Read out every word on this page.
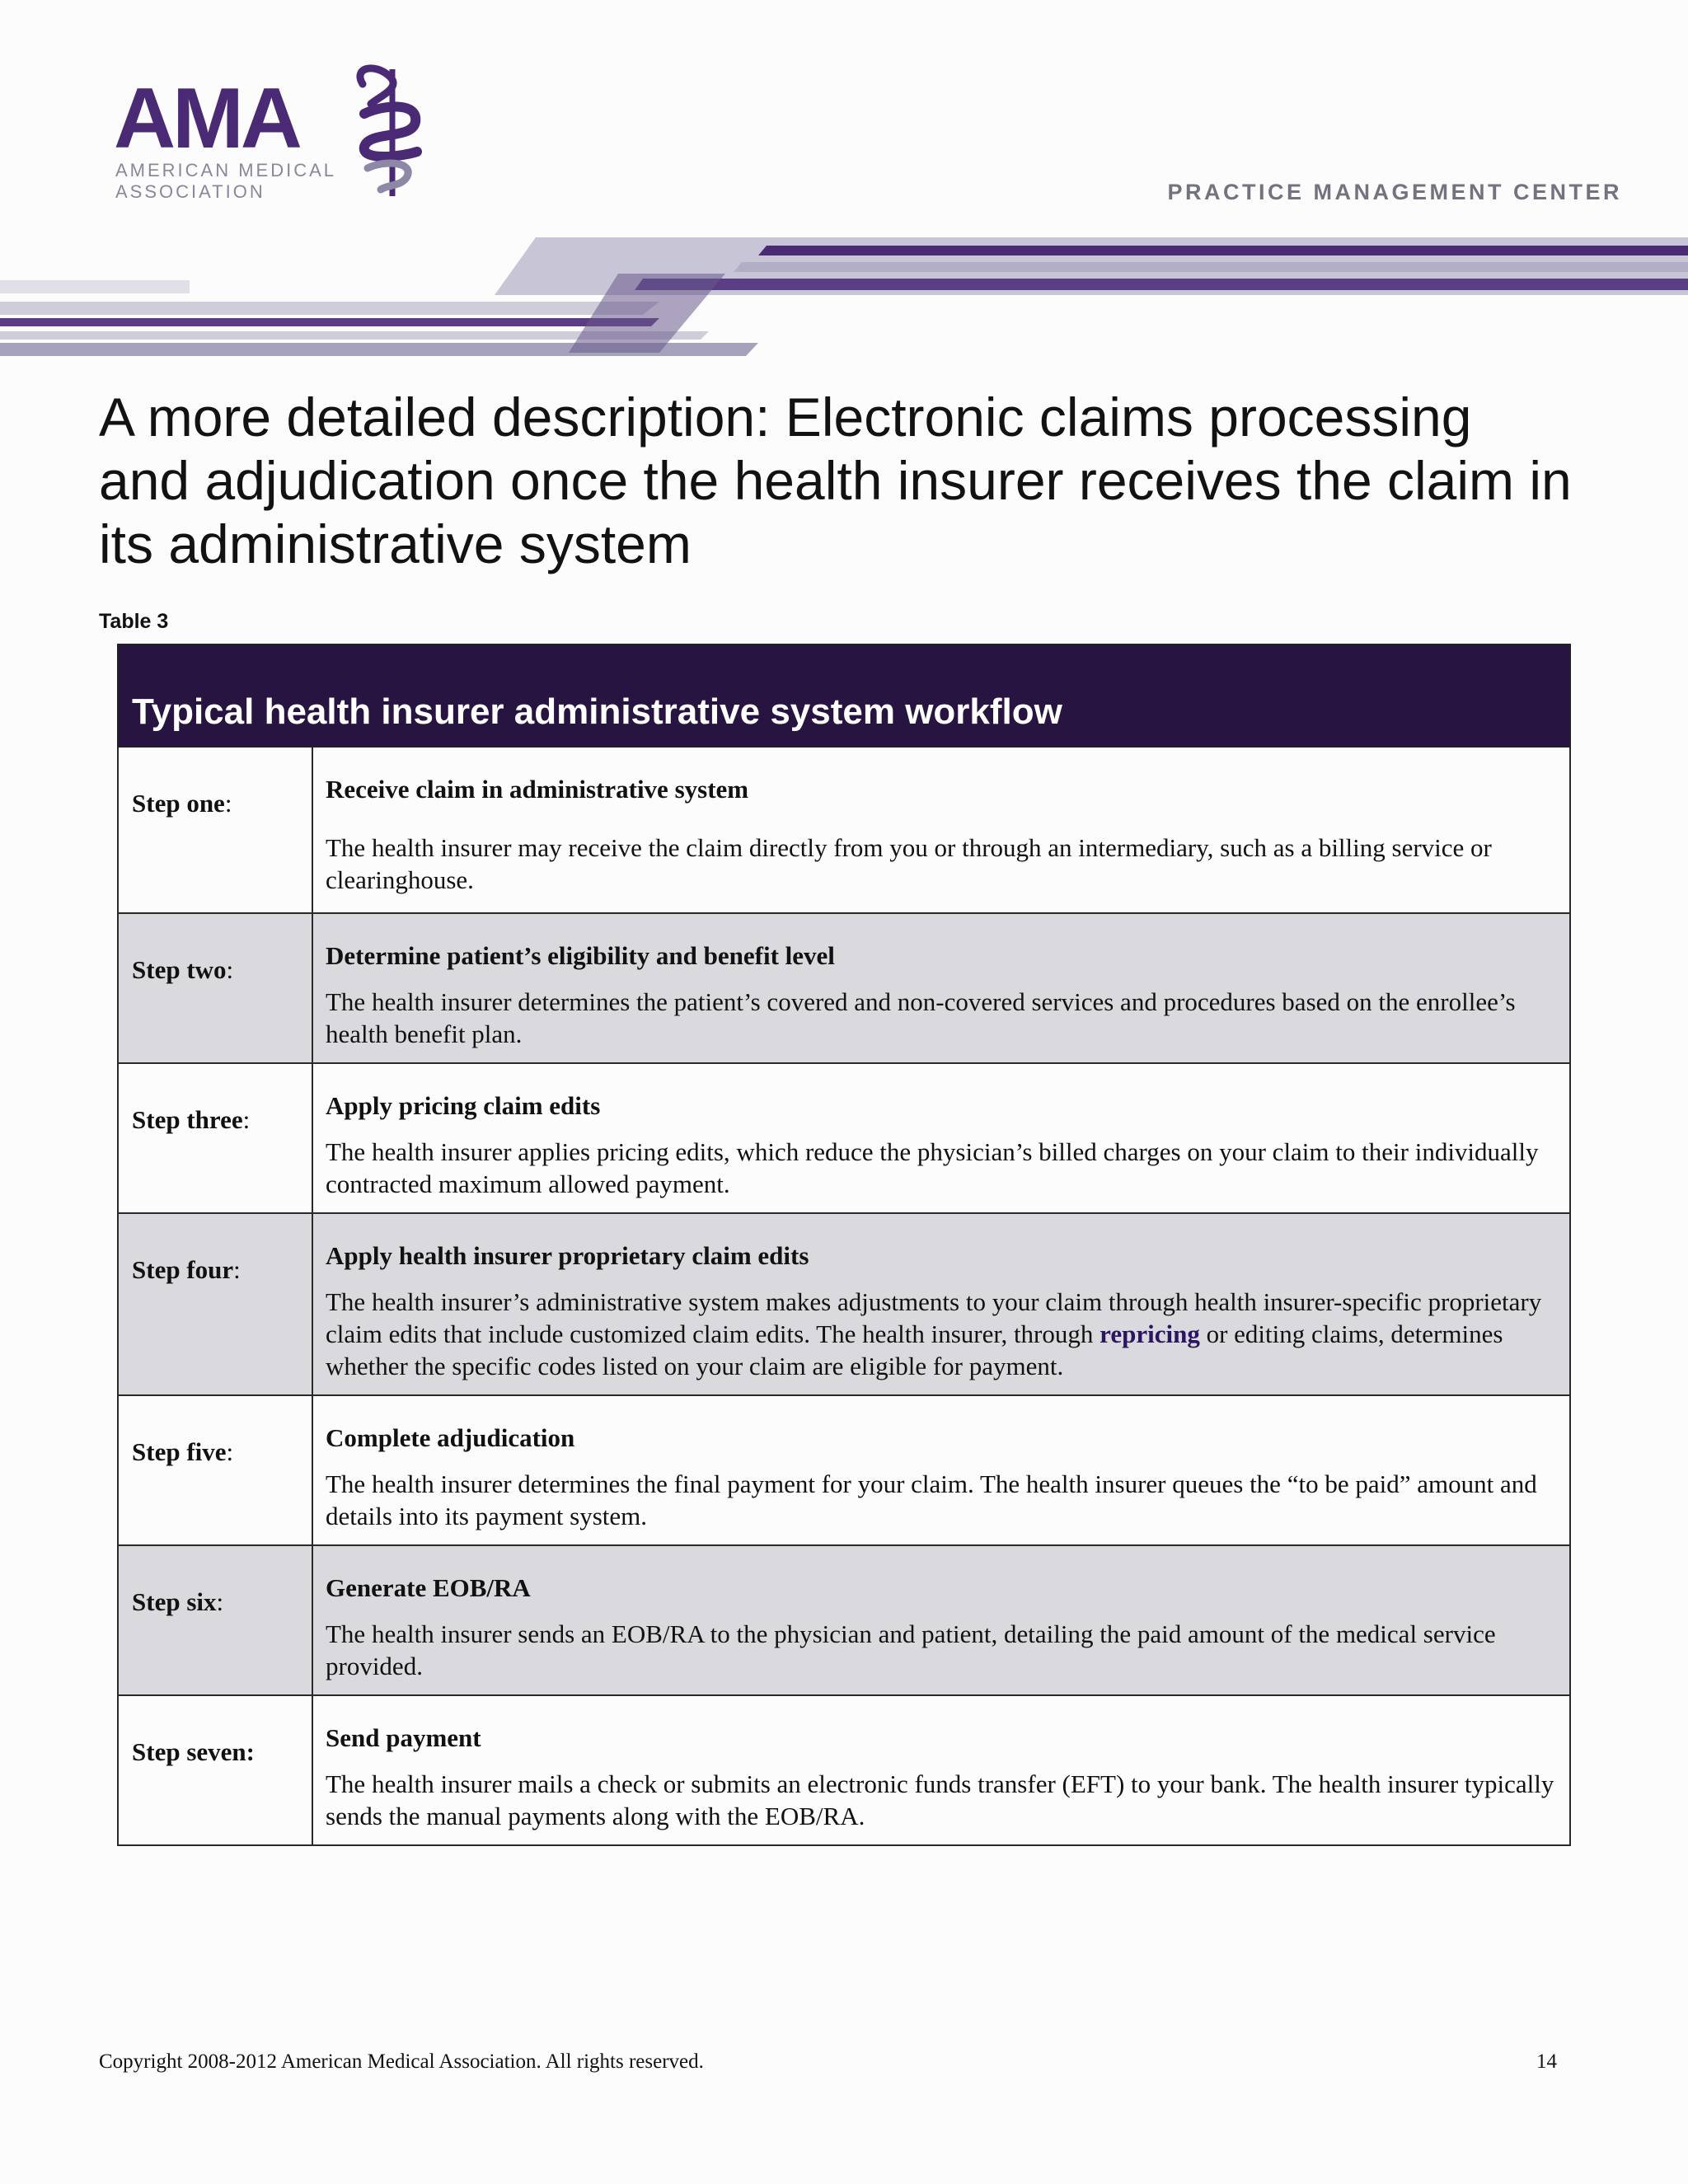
AMA
AMERICAN MEDICAL
ASSOCIATION	PRACTICE MANAGEMENT CENTER
A more detailed description: Electronic claims processing and adjudication once the health insurer receives the claim in its administrative system
Table 3
Typical health insurer administrative system workflow	
Step one:	Receive claim in administrative system
The health insurer may receive the claim directly from you or through an intermediary, such as a billing service or clearinghouse.

Step two:	Determine patient’s eligibility and benefit level
The health insurer determines the patient’s covered and non-covered services and procedures based on the enrollee’s health benefit plan.

Step three:	Apply pricing claim edits
The health insurer applies pricing edits, which reduce the physician’s billed charges on your claim to their individually contracted maximum allowed payment.

Step four:	Apply health insurer proprietary claim edits
The health insurer’s administrative system makes adjustments to your claim through health insurer-specific proprietary claim edits that include customized claim edits. The health insurer, through repricing or editing claims, determines whether the specific codes listed on your claim are eligible for payment.

Step five:	Complete adjudication
The health insurer determines the final payment for your claim. The health insurer queues the “to be paid” amount and details into its payment system.

Step six:	Generate EOB/RA
The health insurer sends an EOB/RA to the physician and patient, detailing the paid amount of the medical service provided.

Step seven:	Send payment
The health insurer mails a check or submits an electronic funds transfer (EFT) to your bank. The health insurer typically sends the manual payments along with the EOB/RA.
Copyright 2008-2012 American Medical Association. All rights reserved.	14
